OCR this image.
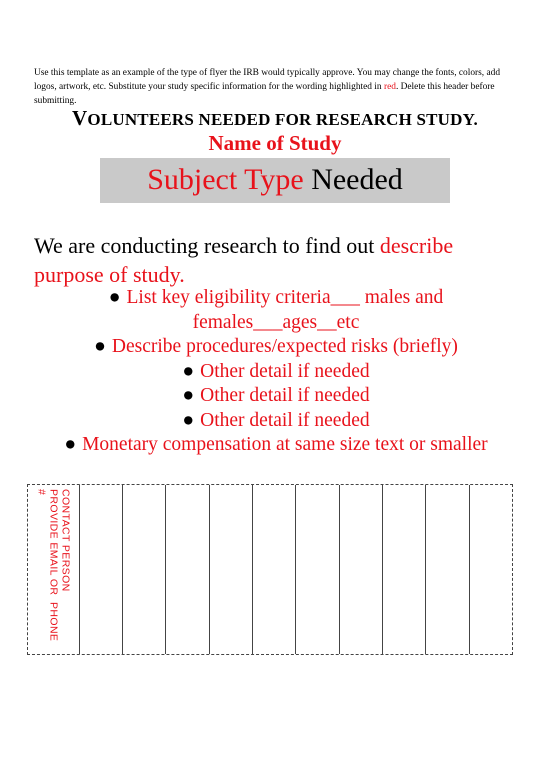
Use this template as an example of the type of flyer the IRB would typically approve. You may change the fonts, colors, add logos, artwork, etc. Substitute your study specific information for the wording highlighted in red. Delete this header before submitting.
VOLUNTEERS NEEDED FOR RESEARCH STUDY.
Name of Study
Subject Type Needed
We are conducting research to find out describe purpose of study.
● List key eligibility criteria___ males and females___ages__etc
● Describe procedures/expected risks (briefly)
● Other detail if needed
● Other detail if needed
● Other detail if needed
● Monetary compensation at same size text or smaller
CONTACT PERSON
PROVIDE EMAIL OR  PHONE
#
